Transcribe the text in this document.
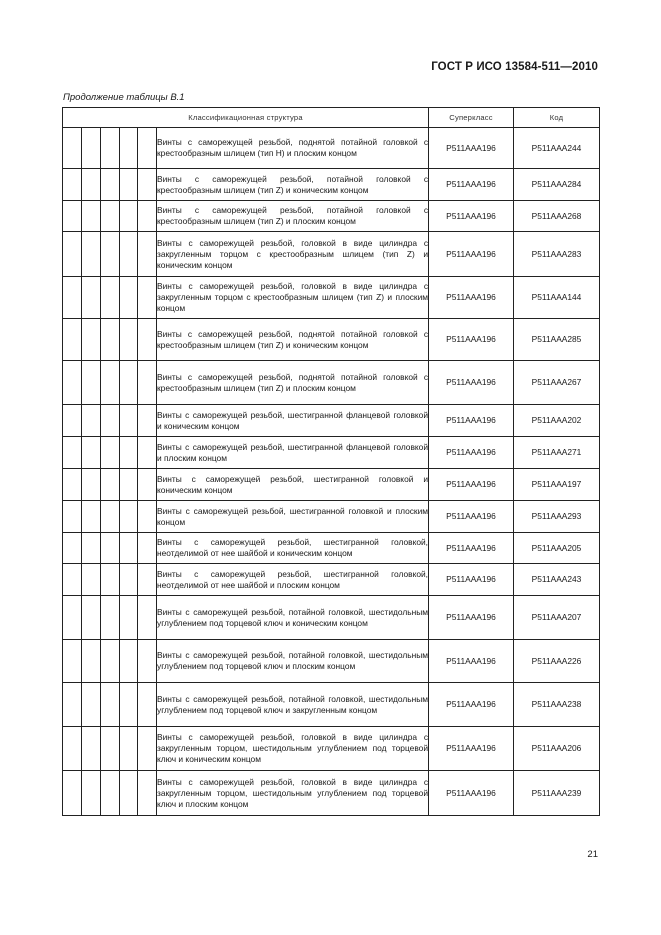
ГОСТ Р ИСО 13584-511—2010
Продолжение таблицы В.1
Классификационная структура						Суперкласс	Код
					Винты с саморежущей резьбой, поднятой потайной головкой с крестообразным шлицем (тип H) и плоским концом	P511AAA196	P511AAA244
					Винты с саморежущей резьбой, потайной головкой с крестообразным шлицем (тип Z) и коническим концом	P511AAA196	P511AAA284
					Винты с саморежущей резьбой, потайной головкой с крестообразным шлицем (тип Z) и плоским концом	P511AAA196	P511AAA268
					Винты с саморежущей резьбой, головкой в виде цилиндра с закругленным торцом с крестообразным шлицем (тип Z) и коническим концом	P511AAA196	P511AAA283
					Винты с саморежущей резьбой, головкой в виде цилиндра с закругленным торцом с крестообразным шлицем (тип Z) и плоским концом	P511AAA196	P511AAA144
					Винты с саморежущей резьбой, поднятой потайной головкой с крестообразным шлицем (тип Z) и коническим концом	P511AAA196	P511AAA285
					Винты с саморежущей резьбой, поднятой потайной головкой с крестообразным шлицем (тип Z) и плоским концом	P511AAA196	P511AAA267
					Винты с саморежущей резьбой, шестигранной фланцевой головкой и коническим концом	P511AAA196	P511AAA202
					Винты с саморежущей резьбой, шестигранной фланцевой головкой и плоским концом	P511AAA196	P511AAA271
					Винты с саморежущей резьбой, шестигранной головкой и коническим концом	P511AAA196	P511AAA197
					Винты с саморежущей резьбой, шестигранной головкой и плоским концом	P511AAA196	P511AAA293
					Винты с саморежущей резьбой, шестигранной головкой, неотделимой от нее шайбой и коническим концом	P511AAA196	P511AAA205
					Винты с саморежущей резьбой, шестигранной головкой, неотделимой от нее шайбой и плоским концом	P511AAA196	P511AAA243
					Винты с саморежущей резьбой, потайной головкой, шестидольным углублением под торцевой ключ и коническим концом	P511AAA196	P511AAA207
					Винты с саморежущей резьбой, потайной головкой, шестидольным углублением под торцевой ключ и плоским концом	P511AAA196	P511AAA226
					Винты с саморежущей резьбой, потайной головкой, шестидольным углублением под торцевой ключ и закругленным концом	P511AAA196	P511AAA238
					Винты с саморежущей резьбой, головкой в виде цилиндра с закругленным торцом, шестидольным углублением под торцевой ключ и коническим концом	P511AAA196	P511AAA206
					Винты с саморежущей резьбой, головкой в виде цилиндра с закругленным торцом, шестидольным углублением под торцевой ключ и плоским концом	P511AAA196	P511AAA239
21
